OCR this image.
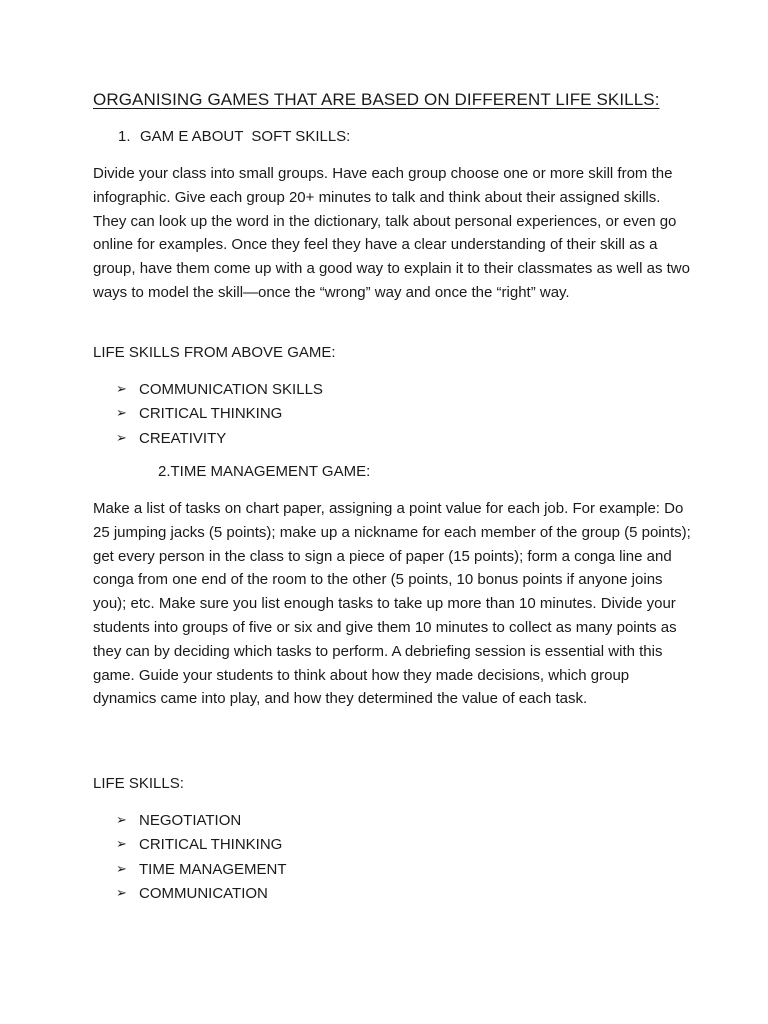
ORGANISING GAMES THAT ARE BASED ON DIFFERENT LIFE SKILLS:
1. GAM E ABOUT  SOFT SKILLS:
Divide your class into small groups. Have each group choose one or more skill from the infographic. Give each group 20+ minutes to talk and think about their assigned skills. They can look up the word in the dictionary, talk about personal experiences, or even go online for examples. Once they feel they have a clear understanding of their skill as a group, have them come up with a good way to explain it to their classmates as well as two ways to model the skill—once the “wrong” way and once the “right” way.
LIFE SKILLS FROM ABOVE GAME:
➢ COMMUNICATION SKILLS
➢ CRITICAL THINKING
➢ CREATIVITY
2.TIME MANAGEMENT GAME:
Make a list of tasks on chart paper, assigning a point value for each job. For example: Do 25 jumping jacks (5 points); make up a nickname for each member of the group (5 points); get every person in the class to sign a piece of paper (15 points); form a conga line and conga from one end of the room to the other (5 points, 10 bonus points if anyone joins you); etc. Make sure you list enough tasks to take up more than 10 minutes. Divide your students into groups of five or six and give them 10 minutes to collect as many points as they can by deciding which tasks to perform. A debriefing session is essential with this game. Guide your students to think about how they made decisions, which group dynamics came into play, and how they determined the value of each task.
LIFE SKILLS:
➢ NEGOTIATION
➢ CRITICAL THINKING
➢ TIME MANAGEMENT
➢ COMMUNICATION
